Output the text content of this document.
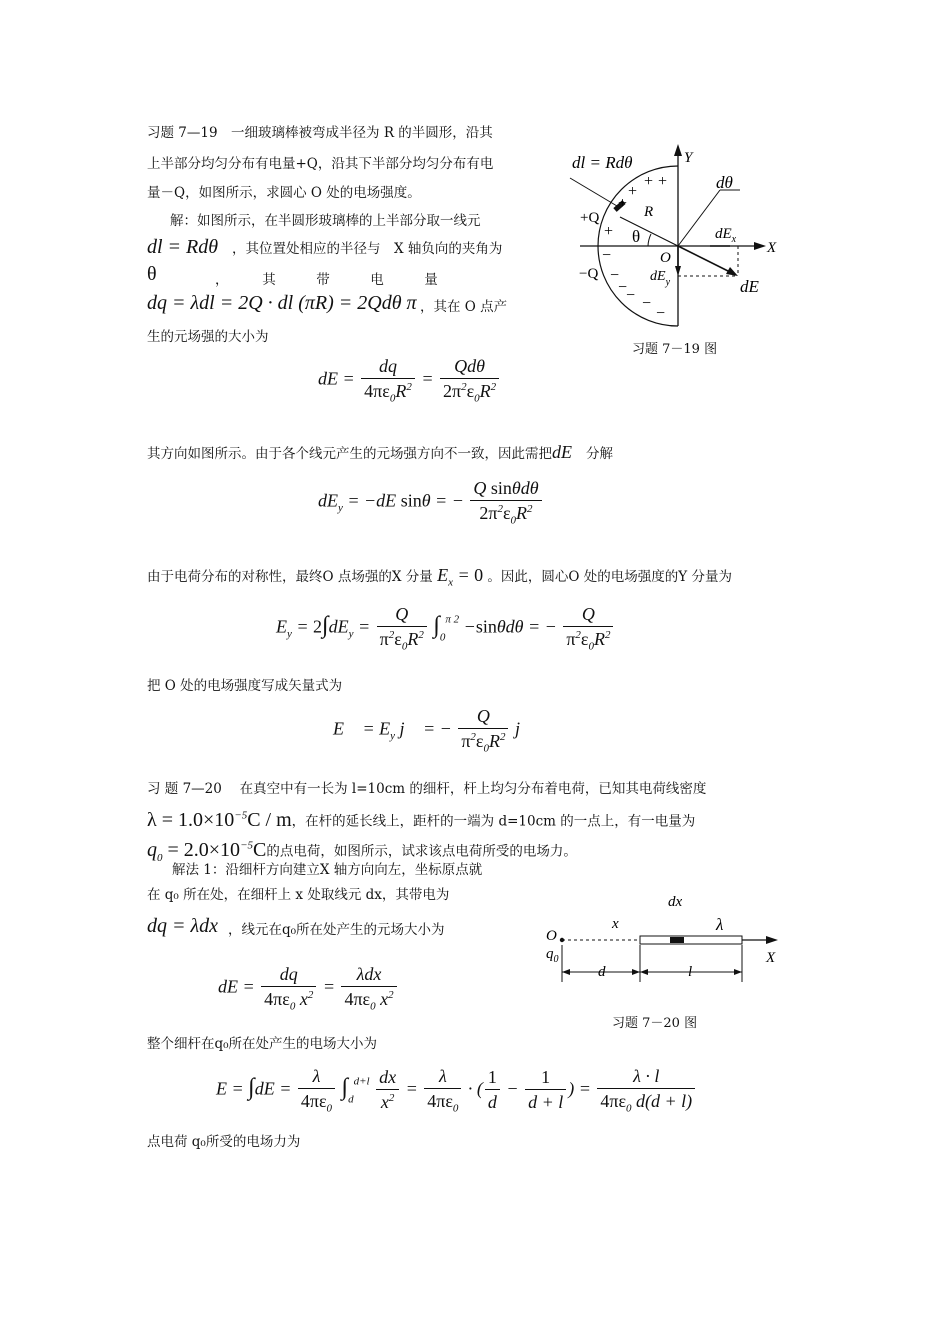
习题 7—19　一细玻璃棒被弯成半径为 R 的半圆形，沿其
上半部分均匀分布有电量+Q，沿其下半部分均匀分布有电
量－Q，如图所示，求圆心 O 处的电场强度。
解：如图所示，在半圆形玻璃棒的上半部分取一线元
dl = Rdθ ，其位置处相应的半径与　X 轴负向的夹角为
θ	，　　　其　　　带　　　电　　　量
dq = λdl = 2Q · dl (πR) = 2Qdθ π ，其在 O 点产
生的元场强的大小为
dE = $\frac{dq}{4\pi\varepsilon_0R^2} = \frac{\text{Qdθ}}{2\pi^2\varepsilon_0R^2}$
其方向如图所示。由于各个线元产生的元场强方向不一致，因此需把dE⃗分解
$dE_y = -dE$ sinθ = − $\frac{\text{Q sinθdθ}}{2\pi^2\varepsilon_0R^2}$
由于电荷分布的对称性，最终O 点场强的X 分量 $E_x = 0$ 。因此，圆心O 处的电场强度的Y 分量为
$E_y = 2\int dE_y = \frac{Q}{\pi^2\varepsilon_0R^2} \int_0^{\pi 2} -\sin\theta d\theta$ = − $\frac{Q}{\pi^2\varepsilon_0R^2}$
把 O 处的电场强度写成矢量式为
E⃗ = $E_y$ j⃗ = − $\frac{Q}{\pi^2\varepsilon_0R^2}$ j⃗
dl = Rdθ	Y
X
dθ
R
+Q
−Q
θ
O
$dE_x$
$dE_y$	dE⃗
+ +
+
+
+
−
−
−
− −
−
习题 7－19 图
习 题 7—20　 在真空中有一长为 l=10cm 的细杆，杆上均匀分布着电荷，已知其电荷线密度
$\lambda = 1.0\times 10^{-5}C / m$，在杆的延长线上，距杆的一端为 d=10cm 的一点上，有一电量为
$q_0 = 2.0\times 10^{-5}C$的点电荷，如图所示，试求该点电荷所受的电场力。
解法 1：沿细杆方向建立X 轴方向向左，坐标原点就
在 q₀ 所在处，在细杆上 x 处取线元 dx，其带电为
dq = λdx ，线元在q₀所在处产生的元场大小为
dE = $\frac{dq}{4\pi\varepsilon_0 x^2} = \frac{\text{λdx}}{4\pi\varepsilon_0 x^2}$
整个细杆在q₀所在处产生的电场大小为
$E = \int dE = \frac{\lambda}{4\pi\varepsilon_0} \int_d^{d+l} \frac{dx}{x^2} = \frac{\lambda}{4\pi\varepsilon_0}$ · ( $\frac{1}{d} - \frac{1}{d + l}$ ) = $\frac{\lambda \cdot l}{4\pi\varepsilon_0 d(d + l)}$
点电荷 q₀所受的电场力为
dx
x	λ
O
$q_0$	X
d	l
习题 7－20 图
